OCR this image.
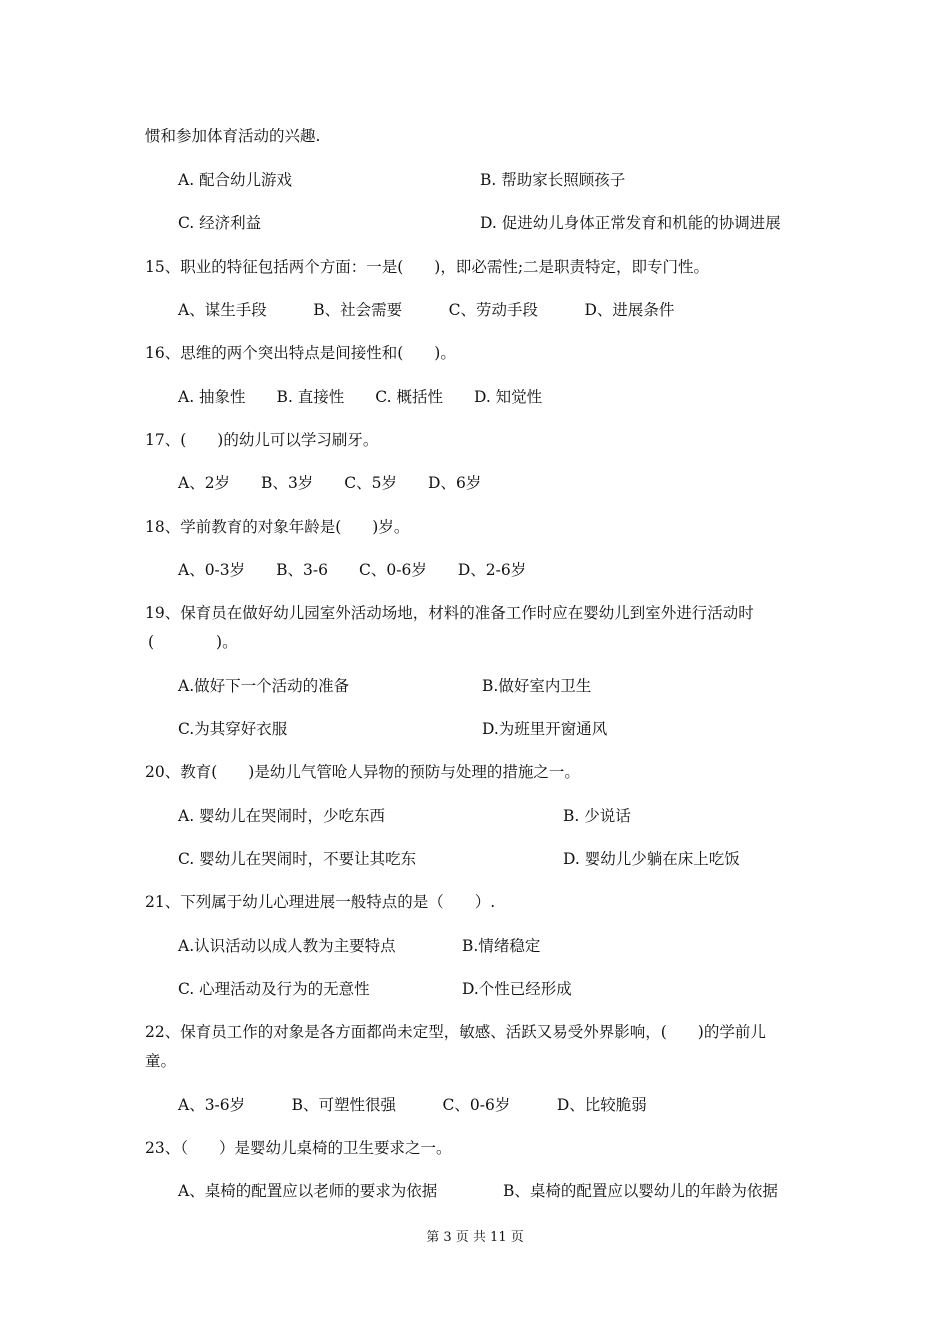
惯和参加体育活动的兴趣.
A. 配合幼儿游戏	B. 帮助家长照顾孩子
C. 经济利益	D. 促进幼儿身体正常发育和机能的协调进展
15、职业的特征包括两个方面：一是(　　)，即必需性;二是职责特定，即专门性。
A、谋生手段　　　B、社会需要　　　C、劳动手段　　　D、进展条件
16、思维的两个突出特点是间接性和(　　)。
A. 抽象性　　B. 直接性　　C. 概括性　　D. 知觉性
17、(　　)的幼儿可以学习刷牙。
A、2岁　　B、3岁　　C、5岁　　D、6岁
18、学前教育的对象年龄是(　　)岁。
A、0-3岁　　B、3-6　　C、0-6岁　　D、2-6岁
19、保育员在做好幼儿园室外活动场地，材料的准备工作时应在婴幼儿到室外进行活动时
(　　　　)。
A.做好下一个活动的准备	B.做好室内卫生
C.为其穿好衣服	D.为班里开窗通风
20、教育(　　)是幼儿气管呛人异物的预防与处理的措施之一。
A. 婴幼儿在哭闹时，少吃东西	B. 少说话
C. 婴幼儿在哭闹时，不要让其吃东	D. 婴幼儿少躺在床上吃饭
21、下列属于幼儿心理进展一般特点的是（　　）.
A.认识活动以成人教为主要特点	B.情绪稳定
C. 心理活动及行为的无意性	D.个性已经形成
22、保育员工作的对象是各方面都尚未定型，敏感、活跃又易受外界影响，(　　)的学前儿
童。
A、3-6岁　　　B、可塑性很强　　　C、0-6岁　　　D、比较脆弱
23、（　　）是婴幼儿桌椅的卫生要求之一。
A、桌椅的配置应以老师的要求为依据	B、桌椅的配置应以婴幼儿的年龄为依据
第 3 页 共 11 页
